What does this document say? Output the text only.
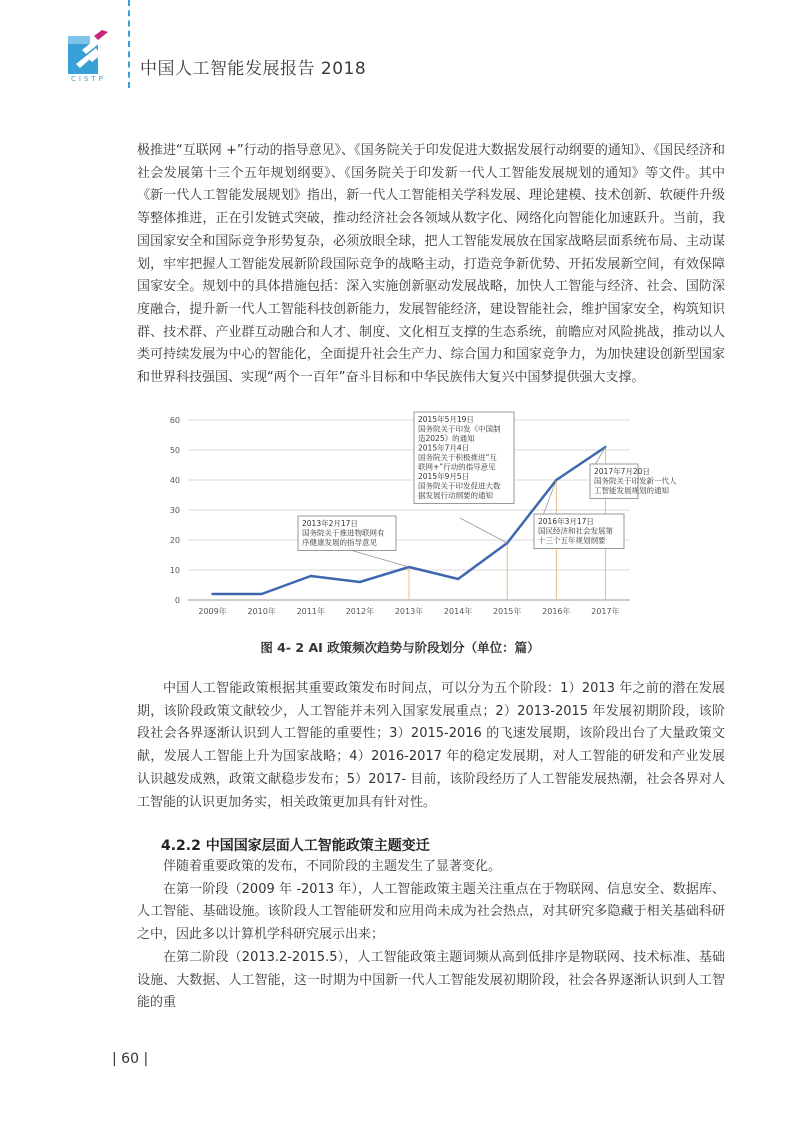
CISTP 中国人工智能发展报告 2018

极推进“互联网 +”行动的指导意见》、《国务院关于印发促进大数据发展行动纲要的通知》、《国民经济和社会发展第十三个五年规划纲要》、《国务院关于印发新一代人工智能发展规划的通知》等文件。其中《新一代人工智能发展规划》指出，新一代人工智能相关学科发展、理论建模、技术创新、软硬件升级等整体推进，正在引发链式突破，推动经济社会各领域从数字化、网络化向智能化加速跃升。当前，我国国家安全和国际竞争形势复杂，必须放眼全球，把人工智能发展放在国家战略层面系统布局、主动谋划，牢牢把握人工智能发展新阶段国际竞争的战略主动，打造竞争新优势、开拓发展新空间，有效保障国家安全。规划中的具体措施包括：深入实施创新驱动发展战略，加快人工智能与经济、社会、国防深度融合，提升新一代人工智能科技创新能力，发展智能经济，建设智能社会，维护国家安全，构筑知识群、技术群、产业群互动融合和人才、制度、文化相互支撑的生态系统，前瞻应对风险挑战，推动以人类可持续发展为中心的智能化，全面提升社会生产力、综合国力和国家竞争力，为加快建设创新型国家和世界科技强国、实现“两个一百年”奋斗目标和中华民族伟大复兴中国梦提供强大支撑。

0
10
20
30
40
50
60
2009年	2010年	2011年	2012年	2013年	2014年	2015年	2016年	2017年
2013年2月17日
国务院关于推进物联网有
序健康发展的指导意见
2015年5月19日
国务院关于印发《中国制
造2025》的通知
2015年7月4日
国务院关于积极推进“互
联网+”行动的指导意见
2015年9月5日
国务院关于印发促进大数
据发展行动纲要的通知
2016年3月17日
国民经济和社会发展第
十三个五年规划纲要
2017年7月20日
国务院关于印发新一代人
工智能发展规划的通知
图 4- 2 AI 政策频次趋势与阶段划分（单位：篇）

中国人工智能政策根据其重要政策发布时间点，可以分为五个阶段：1）2013 年之前的潜在发展期，该阶段政策文献较少，人工智能并未列入国家发展重点；2）2013-2015 年发展初期阶段，该阶段社会各界逐渐认识到人工智能的重要性；3）2015-2016 的飞速发展期，该阶段出台了大量政策文献，发展人工智能上升为国家战略；4）2016-2017 年的稳定发展期，对人工智能的研发和产业发展认识越发成熟，政策文献稳步发布；5）2017- 目前，该阶段经历了人工智能发展热潮，社会各界对人工智能的认识更加务实，相关政策更加具有针对性。

4.2.2 中国国家层面人工智能政策主题变迁

伴随着重要政策的发布，不同阶段的主题发生了显著变化。

在第一阶段（2009 年 -2013 年），人工智能政策主题关注重点在于物联网、信息安全、数据库、人工智能、基础设施。该阶段人工智能研发和应用尚未成为社会热点，对其研究多隐藏于相关基础科研之中，因此多以计算机学科研究展示出来；

在第二阶段（2013.2-2015.5），人工智能政策主题词频从高到低排序是物联网、技术标准、基础设施、大数据、人工智能，这一时期为中国新一代人工智能发展初期阶段，社会各界逐渐认识到人工智能的重

| 60 |
